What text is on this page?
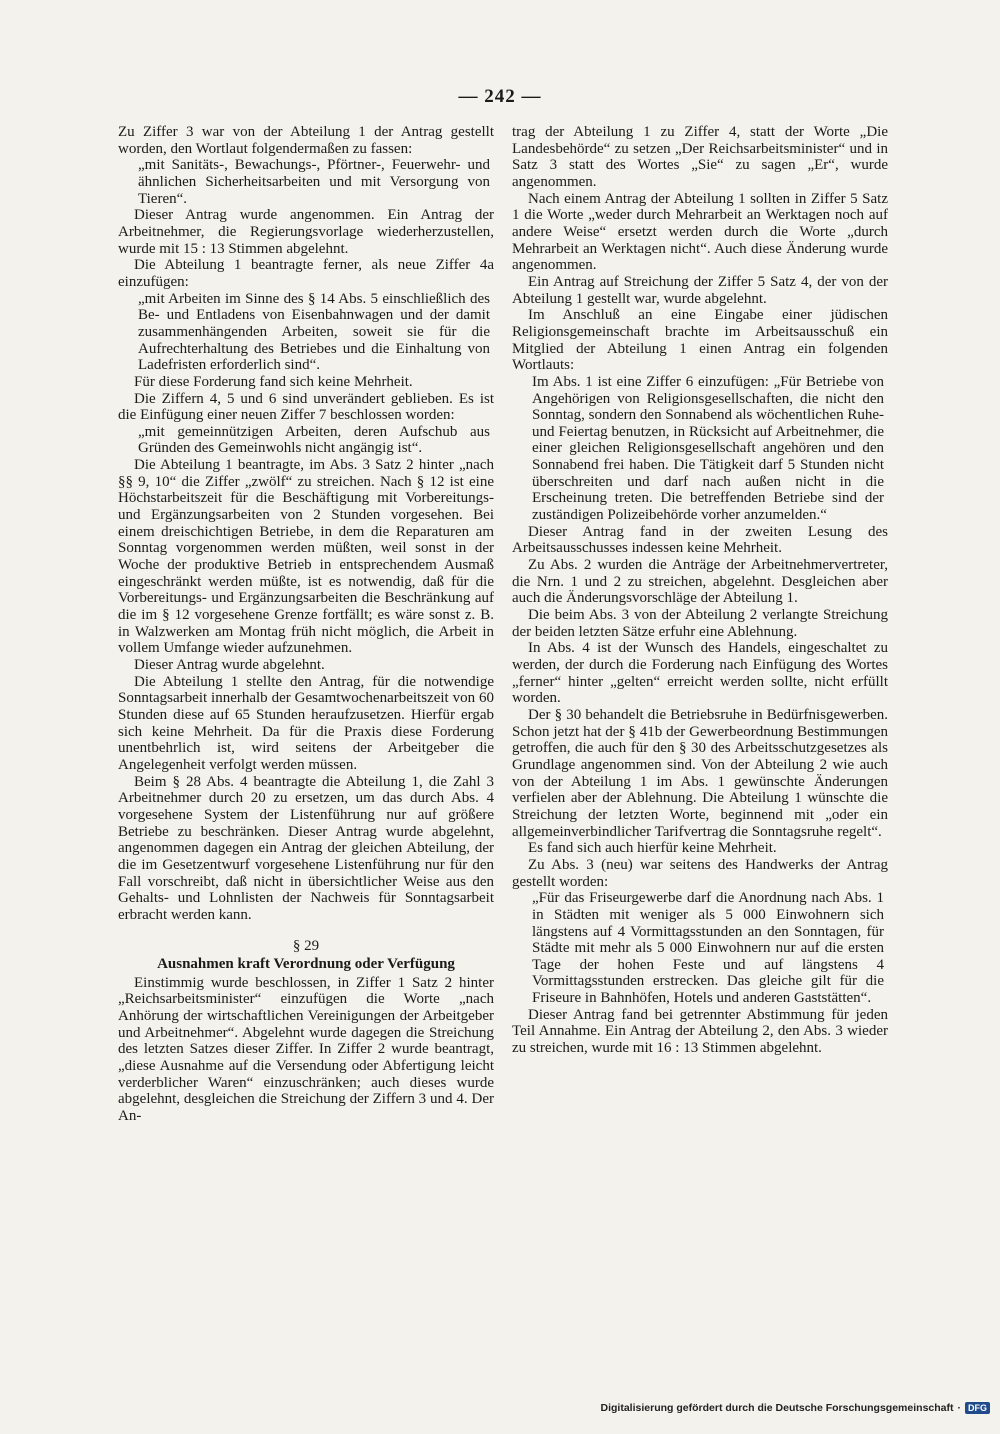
— 242 —

Zu Ziffer 3 war von der Abteilung 1 der Antrag gestellt worden, den Wortlaut folgendermaßen zu fassen:

„mit Sanitäts-, Bewachungs-, Pförtner-, Feuerwehr- und ähnlichen Sicherheitsarbeiten und mit Versorgung von Tieren“.

Dieser Antrag wurde angenommen. Ein Antrag der Arbeitnehmer, die Regierungsvorlage wiederherzustellen, wurde mit 15 : 13 Stimmen abgelehnt.

Die Abteilung 1 beantragte ferner, als neue Ziffer 4a einzufügen:

„mit Arbeiten im Sinne des § 14 Abs. 5 einschließlich des Be- und Entladens von Eisenbahnwagen und der damit zusammenhängenden Arbeiten, soweit sie für die Aufrechterhaltung des Betriebes und die Einhaltung von Ladefristen erforderlich sind“.

Für diese Forderung fand sich keine Mehrheit.

Die Ziffern 4, 5 und 6 sind unverändert geblieben. Es ist die Einfügung einer neuen Ziffer 7 beschlossen worden:

„mit gemeinnützigen Arbeiten, deren Aufschub aus Gründen des Gemeinwohls nicht angängig ist“.

Die Abteilung 1 beantragte, im Abs. 3 Satz 2 hinter „nach §§ 9, 10“ die Ziffer „zwölf“ zu streichen. Nach § 12 ist eine Höchstarbeitszeit für die Beschäftigung mit Vorbereitungs- und Ergänzungsarbeiten von 2 Stunden vorgesehen. Bei einem dreischichtigen Betriebe, in dem die Reparaturen am Sonntag vorgenommen werden müßten, weil sonst in der Woche der produktive Betrieb in entsprechendem Ausmaß eingeschränkt werden müßte, ist es notwendig, daß für die Vorbereitungs- und Ergänzungsarbeiten die Beschränkung auf die im § 12 vorgesehene Grenze fortfällt; es wäre sonst z. B. in Walzwerken am Montag früh nicht möglich, die Arbeit in vollem Umfange wieder aufzunehmen.

Dieser Antrag wurde abgelehnt.

Die Abteilung 1 stellte den Antrag, für die notwendige Sonntagsarbeit innerhalb der Gesamtwochenarbeitszeit von 60 Stunden diese auf 65 Stunden heraufzusetzen. Hierfür ergab sich keine Mehrheit. Da für die Praxis diese Forderung unentbehrlich ist, wird seitens der Arbeitgeber die Angelegenheit verfolgt werden müssen.

Beim § 28 Abs. 4 beantragte die Abteilung 1, die Zahl 3 Arbeitnehmer durch 20 zu ersetzen, um das durch Abs. 4 vorgesehene System der Listenführung nur auf größere Betriebe zu beschränken. Dieser Antrag wurde abgelehnt, angenommen dagegen ein Antrag der gleichen Abteilung, der die im Gesetzentwurf vorgesehene Listenführung nur für den Fall vorschreibt, daß nicht in übersichtlicher Weise aus den Gehalts- und Lohnlisten der Nachweis für Sonntagsarbeit erbracht werden kann.

§ 29
Ausnahmen kraft Verordnung oder Verfügung

Einstimmig wurde beschlossen, in Ziffer 1 Satz 2 hinter „Reichsarbeitsminister“ einzufügen die Worte „nach Anhörung der wirtschaftlichen Vereinigungen der Arbeitgeber und Arbeitnehmer“. Abgelehnt wurde dagegen die Streichung des letzten Satzes dieser Ziffer. In Ziffer 2 wurde beantragt, „diese Ausnahme auf die Versendung oder Abfertigung leicht verderblicher Waren“ einzuschränken; auch dieses wurde abgelehnt, desgleichen die Streichung der Ziffern 3 und 4. Der An-

trag der Abteilung 1 zu Ziffer 4, statt der Worte „Die Landesbehörde“ zu setzen „Der Reichsarbeitsminister“ und in Satz 3 statt des Wortes „Sie“ zu sagen „Er“, wurde angenommen.

Nach einem Antrag der Abteilung 1 sollten in Ziffer 5 Satz 1 die Worte „weder durch Mehrarbeit an Werktagen noch auf andere Weise“ ersetzt werden durch die Worte „durch Mehrarbeit an Werktagen nicht“. Auch diese Änderung wurde angenommen.

Ein Antrag auf Streichung der Ziffer 5 Satz 4, der von der Abteilung 1 gestellt war, wurde abgelehnt.

Im Anschluß an eine Eingabe einer jüdischen Religionsgemeinschaft brachte im Arbeitsausschuß ein Mitglied der Abteilung 1 einen Antrag ein folgenden Wortlauts:

Im Abs. 1 ist eine Ziffer 6 einzufügen: „Für Betriebe von Angehörigen von Religionsgesellschaften, die nicht den Sonntag, sondern den Sonnabend als wöchentlichen Ruhe- und Feiertag benutzen, in Rücksicht auf Arbeitnehmer, die einer gleichen Religionsgesellschaft angehören und den Sonnabend frei haben. Die Tätigkeit darf 5 Stunden nicht überschreiten und darf nach außen nicht in die Erscheinung treten. Die betreffenden Betriebe sind der zuständigen Polizeibehörde vorher anzumelden.“

Dieser Antrag fand in der zweiten Lesung des Arbeitsausschusses indessen keine Mehrheit.

Zu Abs. 2 wurden die Anträge der Arbeitnehmervertreter, die Nrn. 1 und 2 zu streichen, abgelehnt. Desgleichen aber auch die Änderungsvorschläge der Abteilung 1.

Die beim Abs. 3 von der Abteilung 2 verlangte Streichung der beiden letzten Sätze erfuhr eine Ablehnung.

In Abs. 4 ist der Wunsch des Handels, eingeschaltet zu werden, der durch die Forderung nach Einfügung des Wortes „ferner“ hinter „gelten“ erreicht werden sollte, nicht erfüllt worden.

Der § 30 behandelt die Betriebsruhe in Bedürfnisgewerben. Schon jetzt hat der § 41b der Gewerbeordnung Bestimmungen getroffen, die auch für den § 30 des Arbeitsschutzgesetzes als Grundlage angenommen sind. Von der Abteilung 2 wie auch von der Abteilung 1 im Abs. 1 gewünschte Änderungen verfielen aber der Ablehnung. Die Abteilung 1 wünschte die Streichung der letzten Worte, beginnend mit „oder ein allgemeinverbindlicher Tarifvertrag die Sonntagsruhe regelt“.

Es fand sich auch hierfür keine Mehrheit.

Zu Abs. 3 (neu) war seitens des Handwerks der Antrag gestellt worden:

„Für das Friseurgewerbe darf die Anordnung nach Abs. 1 in Städten mit weniger als 5 000 Einwohnern sich längstens auf 4 Vormittagsstunden an den Sonntagen, für Städte mit mehr als 5 000 Einwohnern nur auf die ersten Tage der hohen Feste und auf längstens 4 Vormittagsstunden erstrecken. Das gleiche gilt für die Friseure in Bahnhöfen, Hotels und anderen Gaststätten“.

Dieser Antrag fand bei getrennter Abstimmung für jeden Teil Annahme. Ein Antrag der Abteilung 2, den Abs. 3 wieder zu streichen, wurde mit 16 : 13 Stimmen abgelehnt.

Digitalisierung gefördert durch die Deutsche Forschungsgemeinschaft · DFG
